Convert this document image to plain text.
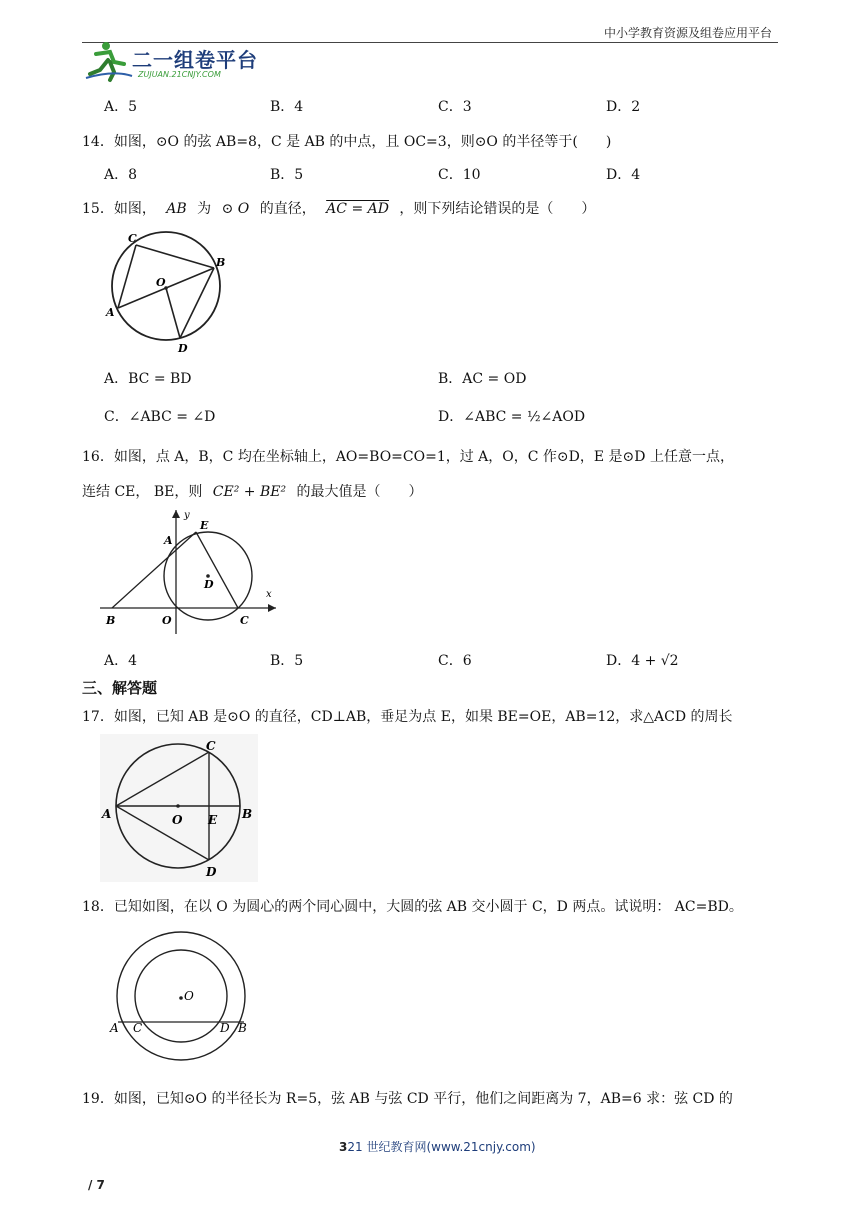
中小学教育资源及组卷应用平台
二一组卷平台
ZUJUAN.21CNJY.COM
A．5	B．4	C．3	D．2
14．如图，⊙O 的弦 AB=8，C 是 AB 的中点，且 OC=3，则⊙O 的半径等于(　　)
A．8	B．5	C．10	D．4
15．如图， AB 为 ⊙ O 的直径， AC = AD ，则下列结论错误的是（　　）
C
B
O
A
D
A．BC = BD	B．AC = OD
C．∠ABC = ∠D	D．∠ABC = ½∠AOD
16．如图，点 A，B，C 均在坐标轴上，AO=BO=CO=1，过 A，O，C 作⊙D，E 是⊙D 上任意一点，
连结 CE， BE，则 CE² + BE² 的最大值是（　　）
y
E
A
D
x
B	O	C
A．4	B．5	C．6	D．4 + √2
三、解答题
17．如图，已知 AB 是⊙O 的直径，CD⊥AB，垂足为点 E，如果 BE=OE，AB=12，求△ACD 的周长
C
A	O E B
D
18．已知如图，在以 O 为圆心的两个同心圆中，大圆的弦 AB 交小圆于 C，D 两点。试说明： AC=BD。
O
A C	D B
19．如图，已知⊙O 的半径长为 R=5，弦 AB 与弦 CD 平行，他们之间距离为 7，AB=6 求：弦 CD 的
321 世纪教育网(www.21cnjy.com)
/ 7
